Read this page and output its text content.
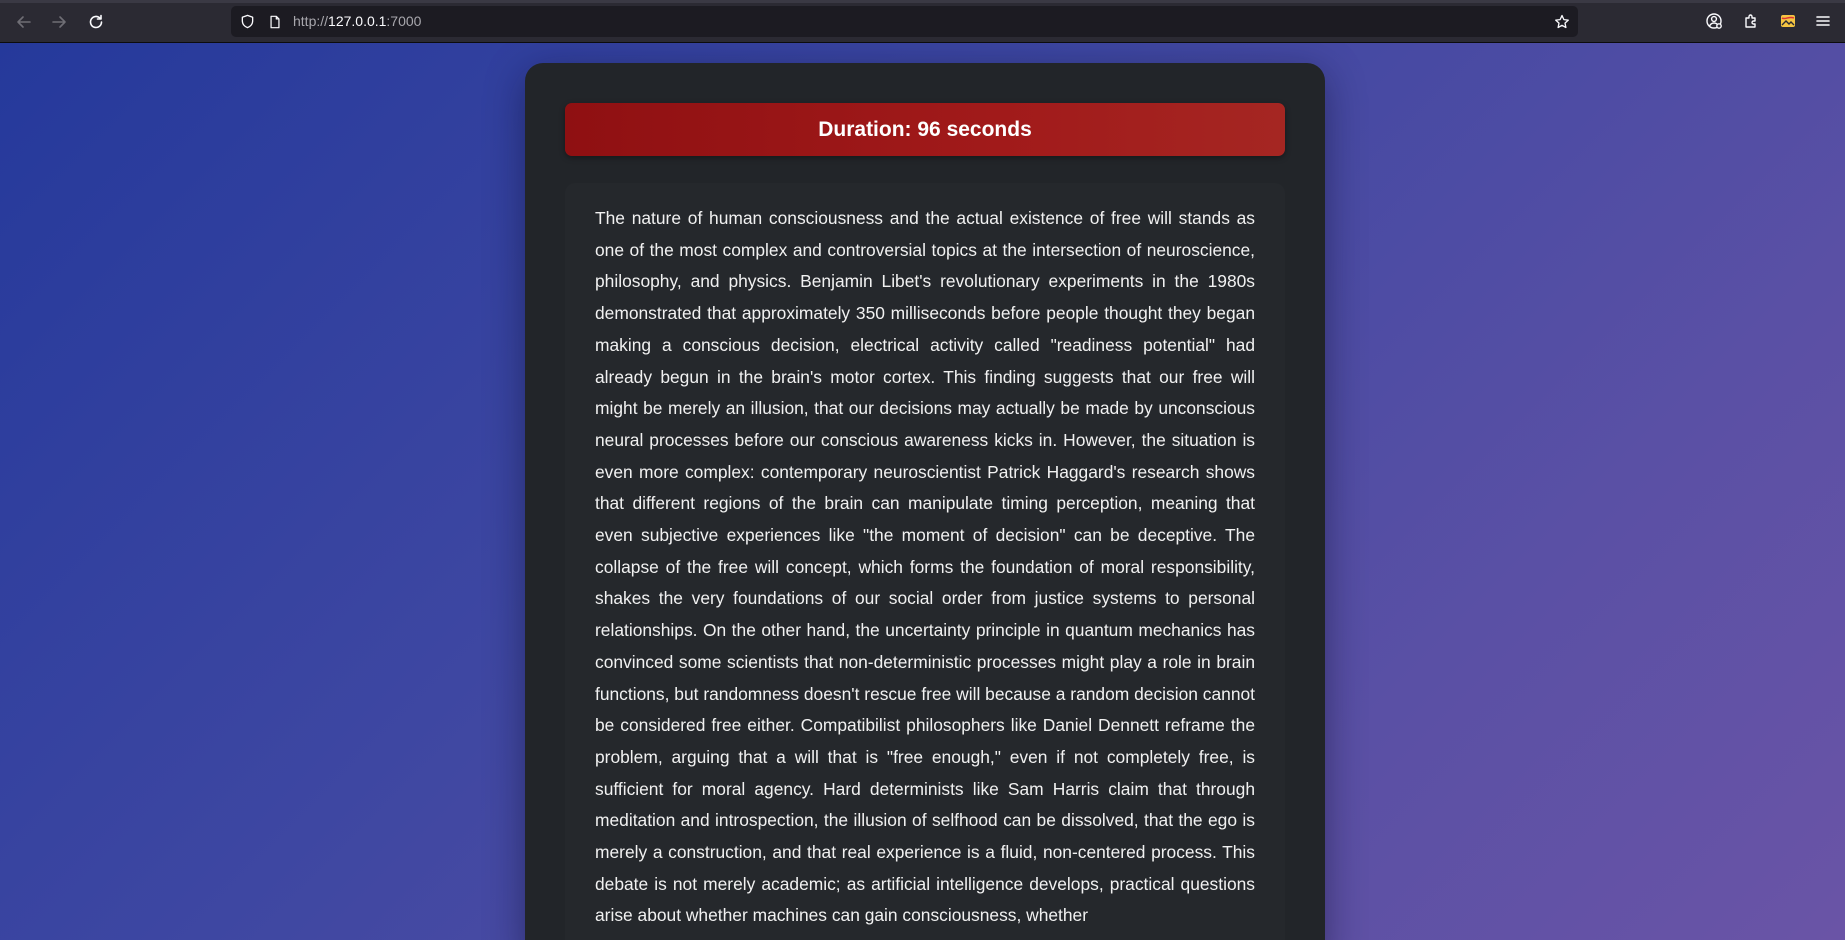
http://127.0.0.1:7000
Duration: 96 seconds

The nature of human consciousness and the actual existence of free will stands as one of the most complex and controversial topics at the intersection of neuroscience, philosophy, and physics. Benjamin Libet's revolutionary experiments in the 1980s demonstrated that approximately 350 milliseconds before people thought they began making a conscious decision, electrical activity called "readiness potential" had already begun in the brain's motor cortex. This finding suggests that our free will might be merely an illusion, that our decisions may actually be made by unconscious neural processes before our conscious awareness kicks in. However, the situation is even more complex: contemporary neuroscientist Patrick Haggard's research shows that different regions of the brain can manipulate timing perception, meaning that even subjective experiences like "the moment of decision" can be deceptive. The collapse of the free will concept, which forms the foundation of moral responsibility, shakes the very foundations of our social order from justice systems to personal relationships. On the other hand, the uncertainty principle in quantum mechanics has convinced some scientists that non-deterministic processes might play a role in brain functions, but randomness doesn't rescue free will because a random decision cannot be considered free either. Compatibilist philosophers like Daniel Dennett reframe the problem, arguing that a will that is "free enough," even if not completely free, is sufficient for moral agency. Hard determinists like Sam Harris claim that through meditation and introspection, the illusion of selfhood can be dissolved, that the ego is merely a construction, and that real experience is a fluid, non-centered process. This debate is not merely academic; as artificial intelligence develops, practical questions arise about whether machines can gain consciousness, whether
